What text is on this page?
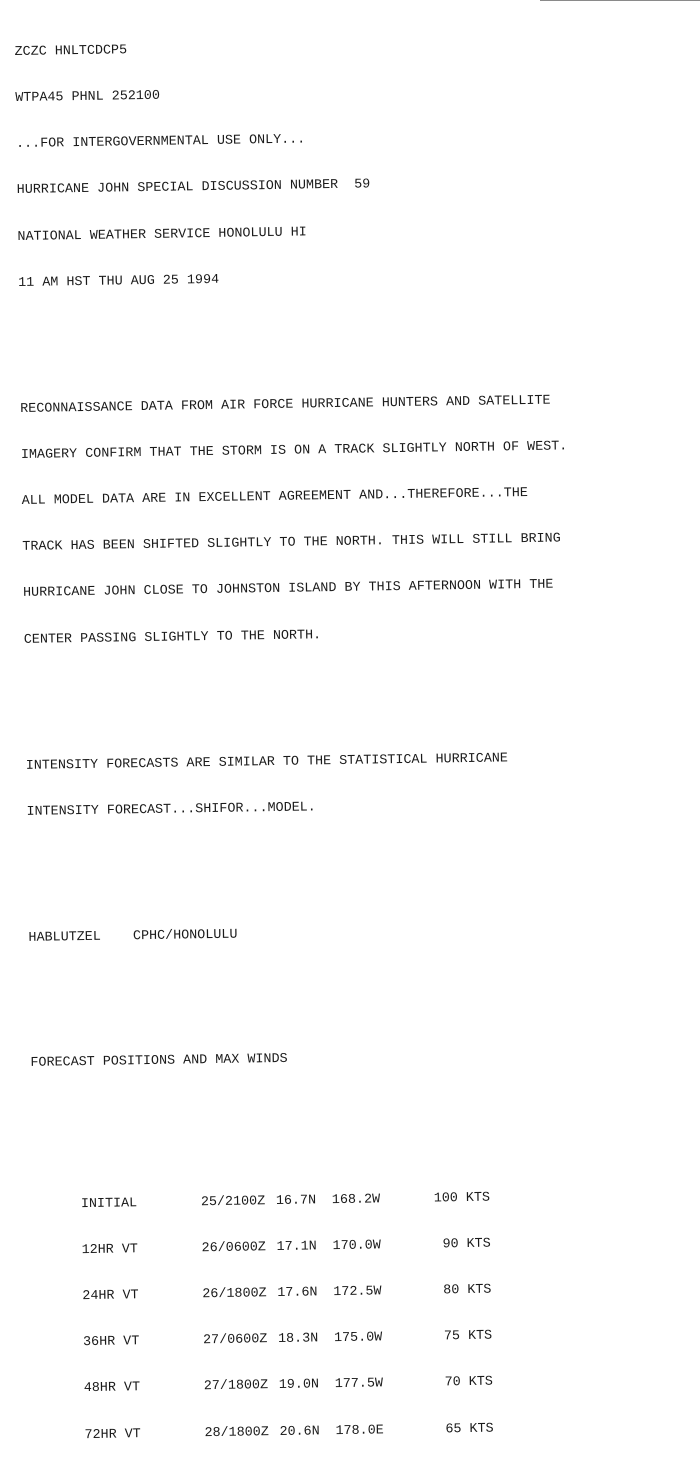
ZCZC HNLTCDCP5

WTPA45 PHNL 252100

...FOR INTERGOVERNMENTAL USE ONLY...

HURRICANE JOHN SPECIAL DISCUSSION NUMBER  59

NATIONAL WEATHER SERVICE HONOLULU HI

11 AM HST THU AUG 25 1994

RECONNAISSANCE DATA FROM AIR FORCE HURRICANE HUNTERS AND SATELLITE

IMAGERY CONFIRM THAT THE STORM IS ON A TRACK SLIGHTLY NORTH OF WEST.

ALL MODEL DATA ARE IN EXCELLENT AGREEMENT AND...THEREFORE...THE

TRACK HAS BEEN SHIFTED SLIGHTLY TO THE NORTH. THIS WILL STILL BRING

HURRICANE JOHN CLOSE TO JOHNSTON ISLAND BY THIS AFTERNOON WITH THE

CENTER PASSING SLIGHTLY TO THE NORTH.

INTENSITY FORECASTS ARE SIMILAR TO THE STATISTICAL HURRICANE

INTENSITY FORECAST...SHIFOR...MODEL.

HABLUTZEL CPHC/HONOLULU

FORECAST POSITIONS AND MAX WINDS

INITIAL	25/2100Z 16.7N 168.2W	100 KTS

12HR VT	26/0600Z 17.1N 170.0W	90 KTS

24HR VT	26/1800Z 17.6N 172.5W	80 KTS

36HR VT	27/0600Z 18.3N 175.0W	75 KTS

48HR VT	27/1800Z 19.0N 177.5W	70 KTS

72HR VT	28/1800Z 20.6N 178.0E	65 KTS
